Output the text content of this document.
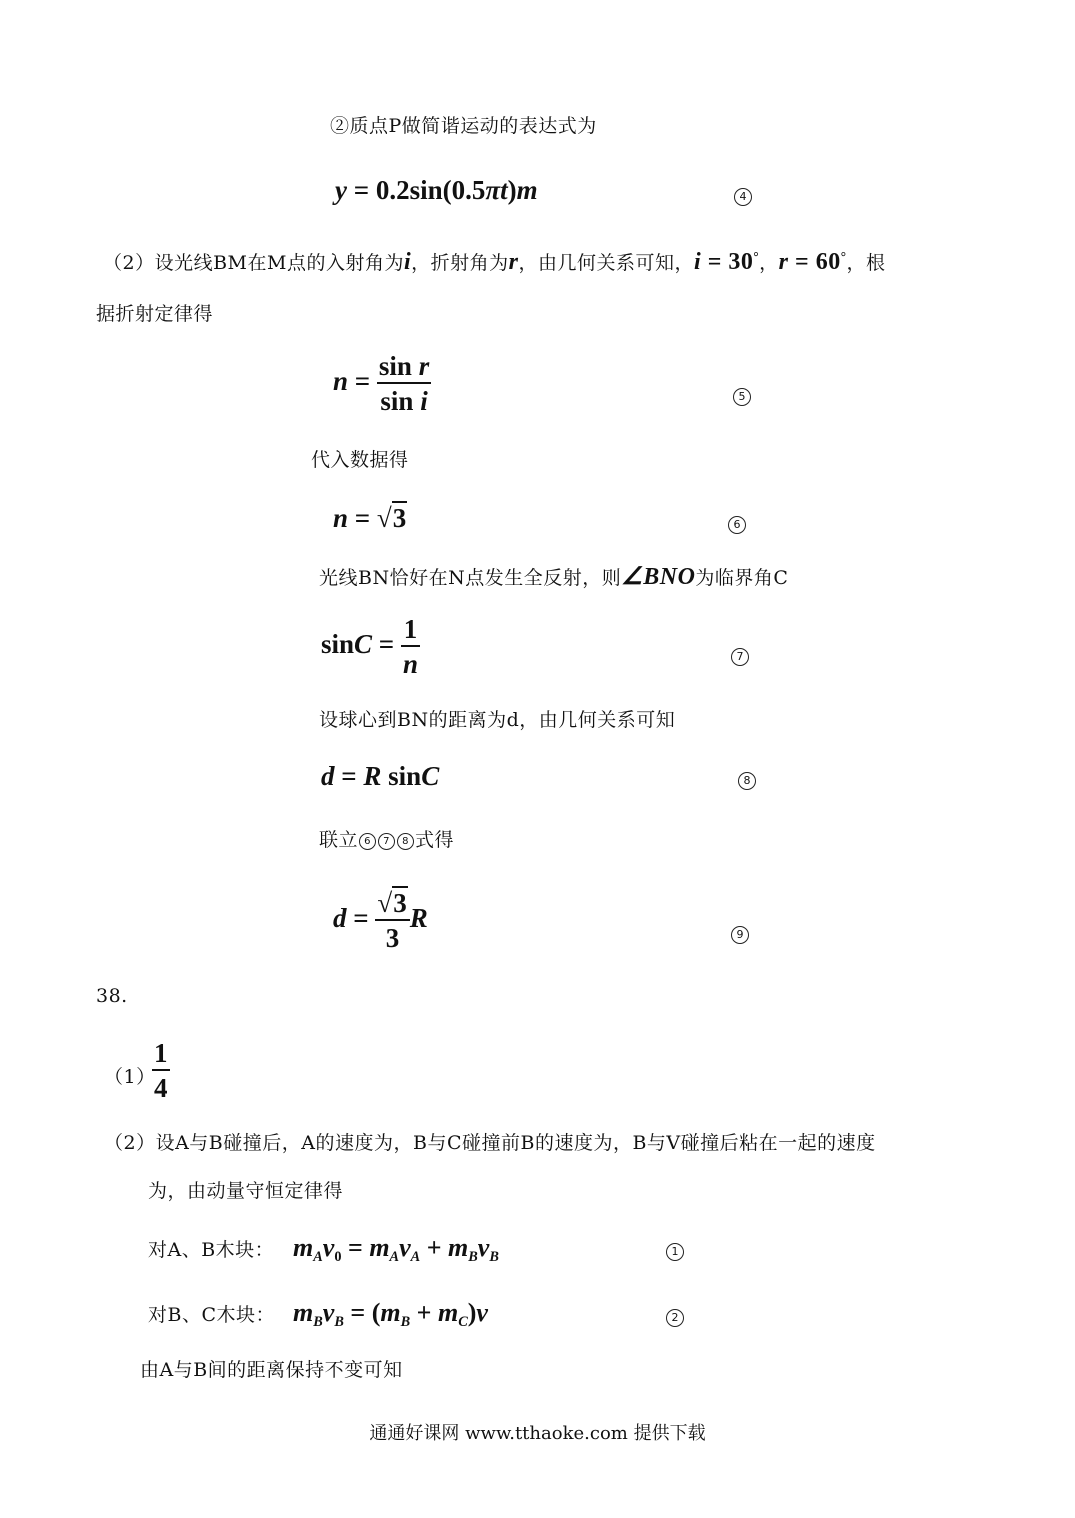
②质点P做简谐运动的表达式为
y = 0.2sin(0.5πt)m	4
（2）设光线BM在M点的入射角为i，折射角为r，由几何关系可知，i = 30°，r = 60°，根
据折射定律得
$n = \frac{\text{sin r}}{\text{sin i}}$	5
代入数据得
n = √3	6
光线BN恰好在N点发生全反射，则∠BNO为临界角C
$\sin C = \frac{1}{n}$	7
设球心到BN的距离为d，由几何关系可知
d = R sinC	8
联立 6 7 8 式得
$d = \frac{√3}{3}$ R
9
38.
（1）
$\frac{1}{4}$
（2）设A与B碰撞后，A的速度为，B与C碰撞前B的速度为，B与V碰撞后粘在一起的速度
为，由动量守恒定律得
对A、B木块： $m_Av_0 = m_Av_A + m_Bv_B$	1
对B、C木块： $m_Bv_B = (m_B + m_C)v$	2
由A与B间的距离保持不变可知
通通好课网 www.tthaoke.com 提供下载
